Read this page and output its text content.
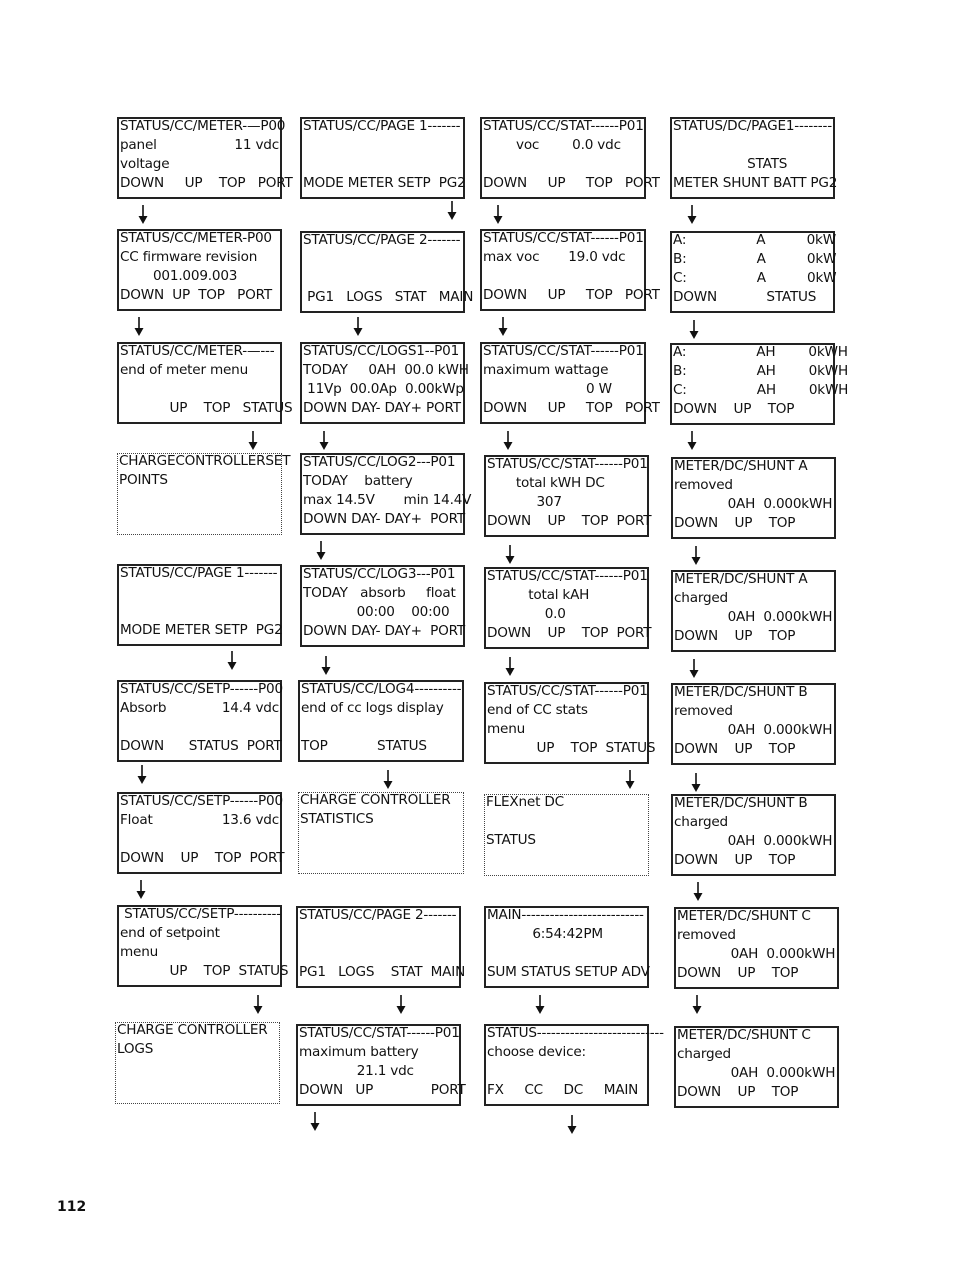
STATUS/CC/METER-—P00
panel	11 vdc
voltage
DOWN     UP    TOP   PORT
STATUS/CC/METER-P00
CC firmware revision
001.009.003
DOWN  UP  TOP   PORT
STATUS/CC/METER-—---
end of meter menu
UP    TOP   STATUS
CHARGECONTROLLERSET
POINTS
STATUS/CC/PAGE 1-------
MODE METER SETP  PG2
STATUS/CC/SETP------P00
Absorb	14.4 vdc
DOWN      STATUS  PORT
STATUS/CC/SETP------P00
Float	13.6 vdc
DOWN    UP    TOP  PORT
STATUS/CC/SETP----------
end of setpoint
menu
UP    TOP  STATUS
CHARGE CONTROLLER
LOGS
STATUS/CC/PAGE 1-------
MODE METER SETP  PG2
STATUS/CC/PAGE 2-------
PG1   LOGS   STAT   MAIN
STATUS/CC/LOGS1--P01
TODAY     0AH  00.0 kWH
11Vp  00.0Ap  0.00kWp
DOWN DAY- DAY+ PORT
STATUS/CC/LOG2---P01
TODAY    battery
max 14.5V       min 14.4V
DOWN DAY- DAY+  PORT
STATUS/CC/LOG3---P01
TODAY   absorb     float
00:00    00:00
DOWN DAY- DAY+  PORT
STATUS/CC/LOG4----------
end of cc logs display
TOP            STATUS
CHARGE CONTROLLER
STATISTICS
STATUS/CC/PAGE 2-------
PG1   LOGS    STAT  MAIN
STATUS/CC/STAT------P01
maximum battery
21.1 vdc
DOWN   UP              PORT
STATUS/CC/STAT------P01
voc        0.0 vdc
DOWN     UP     TOP   PORT
STATUS/CC/STAT------P01
max voc       19.0 vdc
DOWN     UP     TOP   PORT
STATUS/CC/STAT------P01
maximum wattage
0 W
DOWN     UP     TOP   PORT
STATUS/CC/STAT------P01
total kWH DC
307
DOWN    UP    TOP  PORT
STATUS/CC/STAT------P01
total kAH
0.0
DOWN    UP    TOP  PORT
STATUS/CC/STAT------P01
end of CC stats
menu
UP    TOP  STATUS
FLEXnet DC
STATUS
MAIN--------------------------
6:54:42PM
SUM STATUS SETUP ADV
STATUS---------------------------
choose device:
FX     CC     DC     MAIN
STATUS/DC/PAGE1--------
STATS
METER SHUNT BATT PG2
A:                 A          0kW
B:                 A          0kW
C:                 A          0kW
DOWN            STATUS
A:                 AH        0kWH
B:                 AH        0kWH
C:                 AH        0kWH
DOWN    UP    TOP
METER/DC/SHUNT A
removed
0AH  0.000kWH
DOWN    UP    TOP
METER/DC/SHUNT A
charged
0AH  0.000kWH
DOWN    UP    TOP
METER/DC/SHUNT B
removed
0AH  0.000kWH
DOWN    UP    TOP
METER/DC/SHUNT B
charged
0AH  0.000kWH
DOWN    UP    TOP
METER/DC/SHUNT C
removed
0AH  0.000kWH
DOWN    UP    TOP
METER/DC/SHUNT C
charged
0AH  0.000kWH
DOWN    UP    TOP
112
